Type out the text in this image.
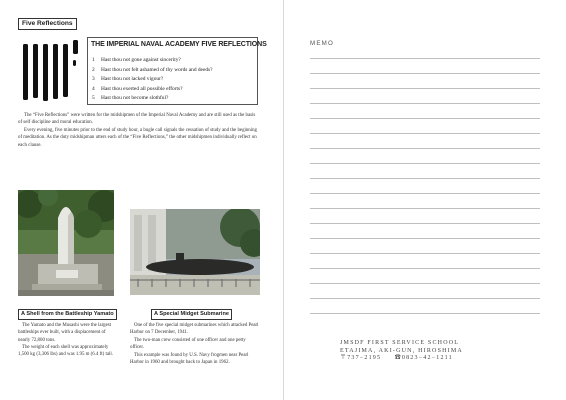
Five Reflections
THE IMPERIAL NAVAL ACADEMY FIVE REFLECTIONS
1 Hast thou not gone against sincerity?
2 Hast thou not felt ashamed of thy words and deeds?
3 Hast thou not lacked vigour?
4 Hast thou exerted all possible efforts?
5 Hast thou not become slothful?
The “Five Reflections” were written for the midshipmen of the Imperial Naval Academy and are still used as the basis of self discipline and moral education.
Every evening, five minutes prior to the end of study hour, a bugle call signals the cessation of study and the beginning of meditation. As the duty midshipman utters each of the “Five Reflections,” the other midshipmen individually reflect on each clause.
A Shell from the Battleship Yamato
The Yamato and the Musashi were the largest battleships ever built, with a displacement of nearly 72,800 tons.
The weight of each shell was approximately 1,500 kg (3,306 lbs) and was 1.95 m (6.4 ft) tall.
A Special Midget Submarine
One of the five special midget submarines which attacked Pearl Harbor on 7 December, 1941.
The two-man crew consisted of one officer and one petty officer.
This example was found by U.S. Navy frogmen near Pearl Harbor in 1960 and brought back to Japan in 1962.
MEMO
JMSDF FIRST SERVICE SCHOOL
ETAJIMA, AKI-GUN, HIROSHIMA
〒737−2195 ☎0823−42−1211
